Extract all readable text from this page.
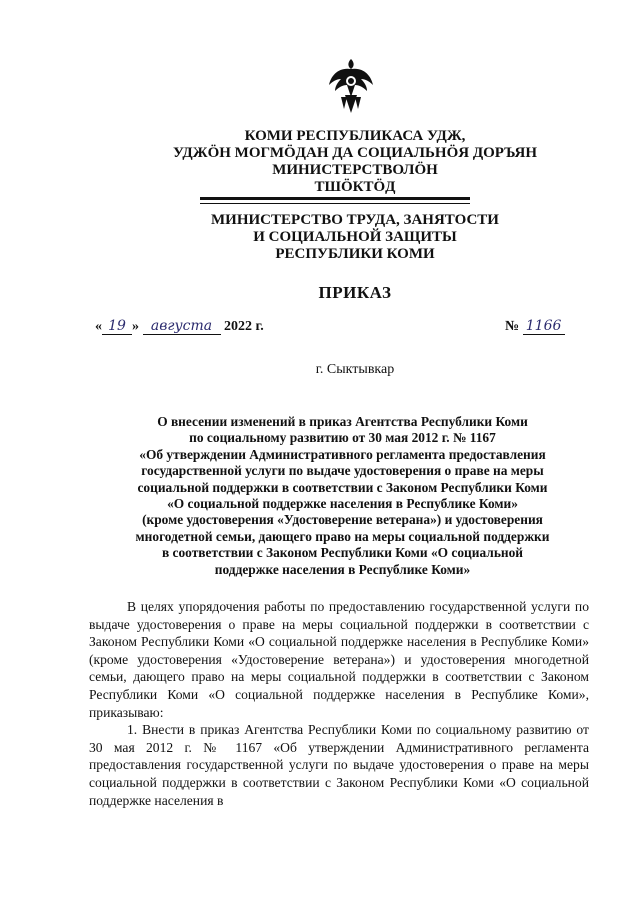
КОМИ РЕСПУБЛИКАСА УДЖ,
УДЖӦН МОГМӦДАН ДА СОЦИАЛЬНӦЯ ДОРЪЯН
МИНИСТЕРСТВОЛӦН
ТШӦКТӦД
МИНИСТЕРСТВО ТРУДА, ЗАНЯТОСТИ
И СОЦИАЛЬНОЙ ЗАЩИТЫ
РЕСПУБЛИКИ КОМИ
ПРИКАЗ
« 19 » августа 2022 г.	№ 1166
г. Сыктывкар
О внесении изменений в приказ Агентства Республики Коми
по социальному развитию от 30 мая 2012 г. № 1167
«Об утверждении Административного регламента предоставления
государственной услуги по выдаче удостоверения о праве на меры
социальной поддержки в соответствии с Законом Республики Коми
«О социальной поддержке населения в Республике Коми»
(кроме удостоверения «Удостоверение ветерана») и удостоверения
многодетной семьи, дающего право на меры социальной поддержки
в соответствии с Законом Республики Коми «О социальной
поддержке населения в Республике Коми»

В целях упорядочения работы по предоставлению государственной услуги по выдаче удостоверения о праве на меры социальной поддержки в соответствии с Законом Республики Коми «О социальной поддержке населения в Республике Коми» (кроме удостоверения «Удостоверение ветерана») и удостоверения многодетной семьи, дающего право на меры социальной поддержки в соответствии с Законом Республики Коми «О социальной поддержке населения в Республике Коми», приказываю:

1. Внести в приказ Агентства Республики Коми по социальному развитию от 30 мая 2012 г. № 1167 «Об утверждении Административного регламента предоставления государственной услуги по выдаче удостоверения о праве на меры социальной поддержки в соответствии с Законом Республики Коми «О социальной поддержке населения в
